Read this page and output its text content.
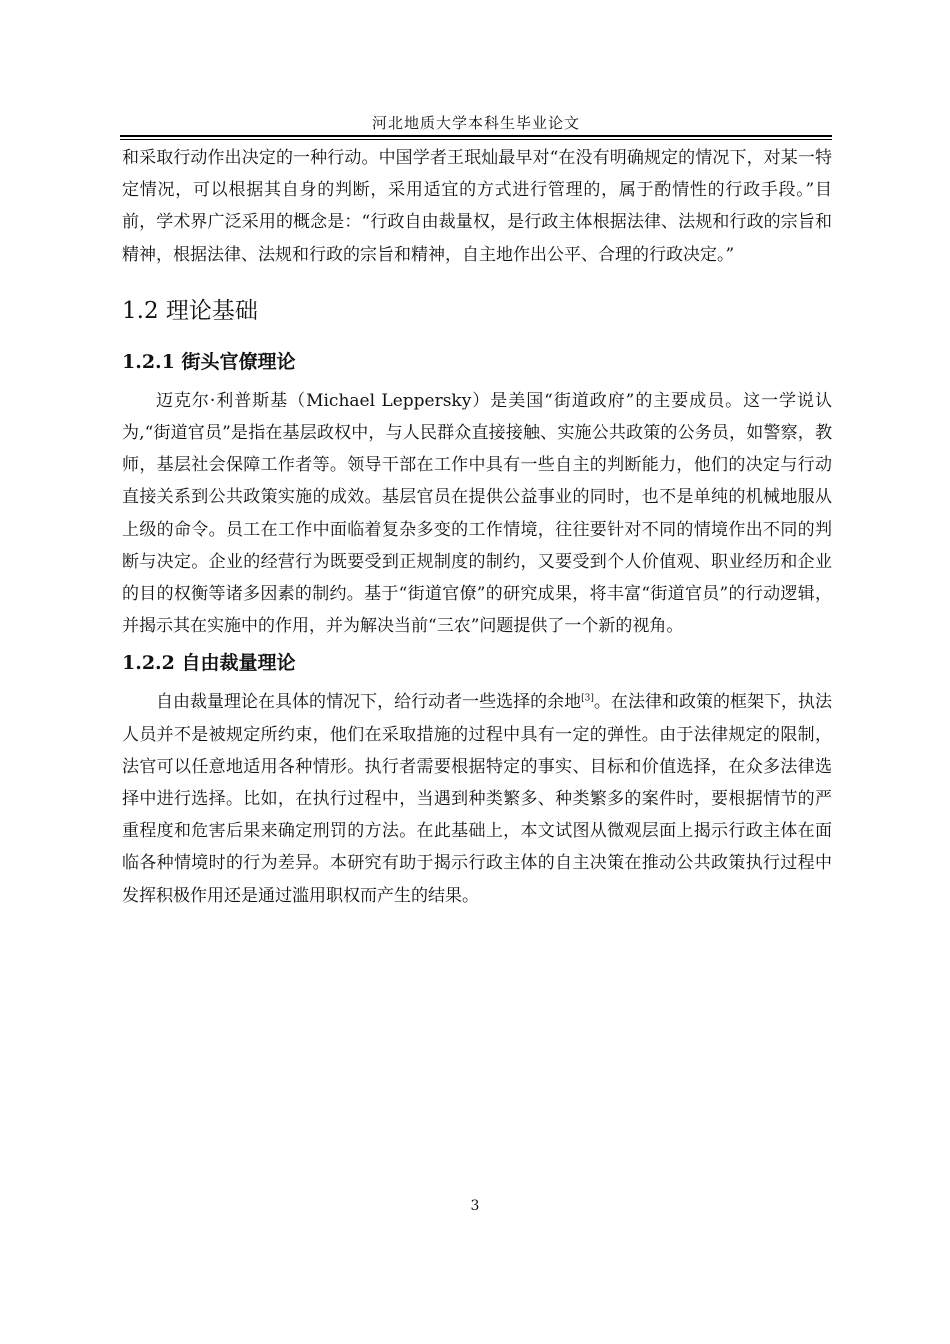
河北地质大学本科生毕业论文

和采取行动作出决定的一种行动。中国学者王珉灿最早对“在没有明确规定的情况下，对某一特定情况，可以根据其自身的判断，采用适宜的方式进行管理的，属于酌情性的行政手段。”目前，学术界广泛采用的概念是：“行政自由裁量权，是行政主体根据法律、法规和行政的宗旨和精神，根据法律、法规和行政的宗旨和精神，自主地作出公平、合理的行政决定。”

1.2 理论基础
1.2.1 街头官僚理论

迈克尔·利普斯基（Michael Leppersky）是美国“街道政府”的主要成员。这一学说认为,“街道官员”是指在基层政权中，与人民群众直接接触、实施公共政策的公务员，如警察，教师，基层社会保障工作者等。领导干部在工作中具有一些自主的判断能力，他们的决定与行动直接关系到公共政策实施的成效。基层官员在提供公益事业的同时，也不是单纯的机械地服从上级的命令。员工在工作中面临着复杂多变的工作情境，往往要针对不同的情境作出不同的判断与决定。企业的经营行为既要受到正规制度的制约，又要受到个人价值观、职业经历和企业的目的权衡等诸多因素的制约。基于“街道官僚”的研究成果，将丰富“街道官员”的行动逻辑，并揭示其在实施中的作用，并为解决当前“三农”问题提供了一个新的视角。

1.2.2 自由裁量理论

自由裁量理论在具体的情况下，给行动者一些选择的余地[3]。在法律和政策的框架下，执法人员并不是被规定所约束，他们在采取措施的过程中具有一定的弹性。由于法律规定的限制，法官可以任意地适用各种情形。执行者需要根据特定的事实、目标和价值选择，在众多法律选择中进行选择。比如，在执行过程中，当遇到种类繁多、种类繁多的案件时，要根据情节的严重程度和危害后果来确定刑罚的方法。在此基础上，本文试图从微观层面上揭示行政主体在面临各种情境时的行为差异。本研究有助于揭示行政主体的自主决策在推动公共政策执行过程中发挥积极作用还是通过滥用职权而产生的结果。

3
